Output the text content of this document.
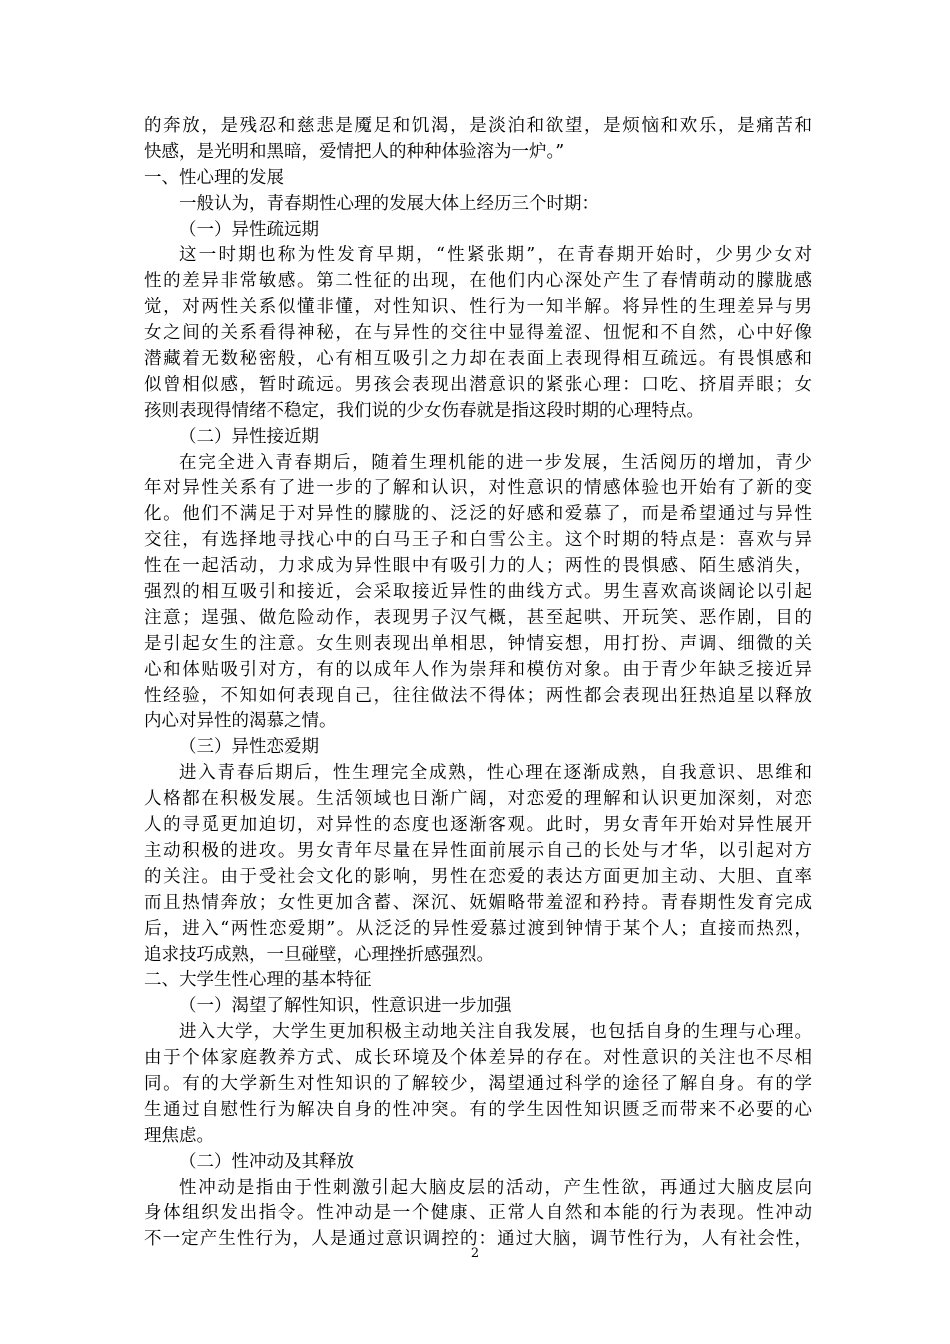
的奔放，是残忍和慈悲是魇足和饥渴，是淡泊和欲望，是烦恼和欢乐，是痛苦和
快感，是光明和黑暗，爱情把人的种种体验溶为一炉。”
一、性心理的发展
一般认为，青春期性心理的发展大体上经历三个时期：
（一）异性疏远期
这一时期也称为性发育早期，“性紧张期”，在青春期开始时，少男少女对
性的差异非常敏感。第二性征的出现，在他们内心深处产生了春情萌动的朦胧感
觉，对两性关系似懂非懂，对性知识、性行为一知半解。将异性的生理差异与男
女之间的关系看得神秘，在与异性的交往中显得羞涩、忸怩和不自然，心中好像
潜藏着无数秘密般，心有相互吸引之力却在表面上表现得相互疏远。有畏惧感和
似曾相似感，暂时疏远。男孩会表现出潜意识的紧张心理：口吃、挤眉弄眼；女
孩则表现得情绪不稳定，我们说的少女伤春就是指这段时期的心理特点。
（二）异性接近期
在完全进入青春期后，随着生理机能的进一步发展，生活阅历的增加，青少
年对异性关系有了进一步的了解和认识，对性意识的情感体验也开始有了新的变
化。他们不满足于对异性的朦胧的、泛泛的好感和爱慕了，而是希望通过与异性
交往，有选择地寻找心中的白马王子和白雪公主。这个时期的特点是：喜欢与异
性在一起活动，力求成为异性眼中有吸引力的人；两性的畏惧感、陌生感消失，
强烈的相互吸引和接近，会采取接近异性的曲线方式。男生喜欢高谈阔论以引起
注意；逞强、做危险动作，表现男子汉气概，甚至起哄、开玩笑、恶作剧，目的
是引起女生的注意。女生则表现出单相思，钟情妄想，用打扮、声调、细微的关
心和体贴吸引对方，有的以成年人作为崇拜和模仿对象。由于青少年缺乏接近异
性经验，不知如何表现自己，往往做法不得体；两性都会表现出狂热追星以释放
内心对异性的渴慕之情。
（三）异性恋爱期
进入青春后期后，性生理完全成熟，性心理在逐渐成熟，自我意识、思维和
人格都在积极发展。生活领域也日渐广阔，对恋爱的理解和认识更加深刻，对恋
人的寻觅更加迫切，对异性的态度也逐渐客观。此时，男女青年开始对异性展开
主动积极的进攻。男女青年尽量在异性面前展示自己的长处与才华，以引起对方
的关注。由于受社会文化的影响，男性在恋爱的表达方面更加主动、大胆、直率
而且热情奔放；女性更加含蓄、深沉、妩媚略带羞涩和矜持。青春期性发育完成
后，进入“两性恋爱期”。从泛泛的异性爱慕过渡到钟情于某个人；直接而热烈，
追求技巧成熟，一旦碰壁，心理挫折感强烈。
二、大学生性心理的基本特征
（一）渴望了解性知识，性意识进一步加强
进入大学，大学生更加积极主动地关注自我发展，也包括自身的生理与心理。
由于个体家庭教养方式、成长环境及个体差异的存在。对性意识的关注也不尽相
同。有的大学新生对性知识的了解较少，渴望通过科学的途径了解自身。有的学
生通过自慰性行为解决自身的性冲突。有的学生因性知识匮乏而带来不必要的心
理焦虑。
（二）性冲动及其释放
性冲动是指由于性刺激引起大脑皮层的活动，产生性欲，再通过大脑皮层向
身体组织发出指令。性冲动是一个健康、正常人自然和本能的行为表现。性冲动
不一定产生性行为，人是通过意识调控的：通过大脑，调节性行为，人有社会性，
2
